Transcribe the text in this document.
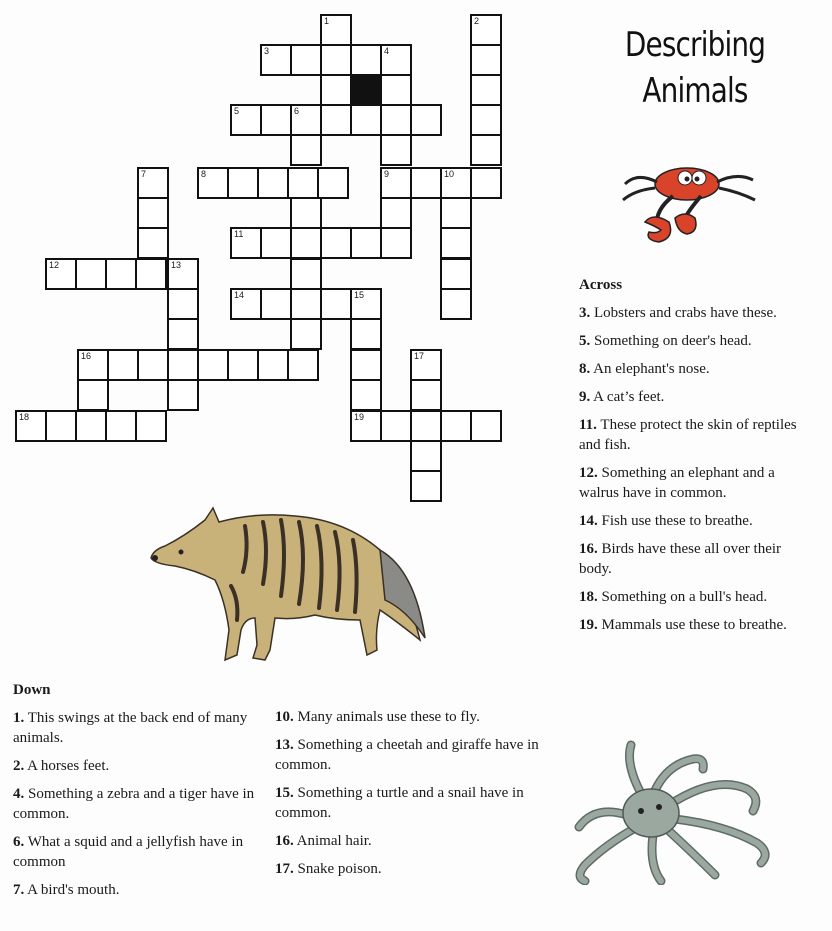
1	2
3	4
5	6
7	8	9	10
11
12	13
14	15
16	17
18	19
Describing
Animals
Across
3. Lobsters and crabs have these.
5. Something on deer's head.
8. An elephant's nose.
9. A cat’s feet.
11. These protect the skin of reptiles and fish.
12. Something an elephant and a walrus have in common.
14. Fish use these to breathe.
16. Birds have these all over their body.
18. Something on a bull's head.
19. Mammals use these to breathe.
Down
1. This swings at the back end of many animals.
2. A horses feet.
4. Something a zebra and a tiger have in common.
6. What a squid and a jellyfish have in common
7. A bird's mouth.
10. Many animals use these to fly.
13. Something a cheetah and giraffe have in common.
15. Something a turtle and a snail have in common.
16. Animal hair.
17. Snake poison.
